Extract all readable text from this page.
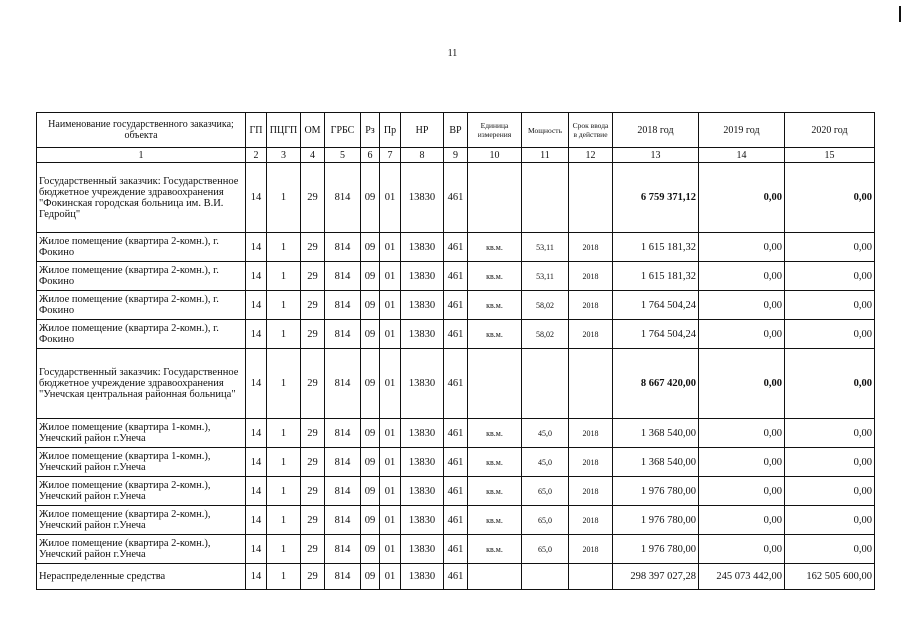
11
Наименование государственного заказчика; объекта	ГП	ПЦГП	ОМ	ГРБС	Рз	Пр	НР	ВР	Единица измерения	Мощность	Срок ввода в действие	2018 год	2019 год	2020 год
1	2	3	4	5	6	7	8	9	10	11	12	13	14	15
Государственный заказчик: Государственное бюджетное учреждение здравоохранения "Фокинская городская больница им. В.И. Гедройц"	14	1	29	814	09	01	13830	461				6 759 371,12	0,00	0,00
Жилое помещение (квартира 2-комн.), г. Фокино	14	1	29	814	09	01	13830	461	кв.м.	53,11	2018	1 615 181,32	0,00	0,00
Жилое помещение (квартира 2-комн.), г. Фокино	14	1	29	814	09	01	13830	461	кв.м.	53,11	2018	1 615 181,32	0,00	0,00
Жилое помещение (квартира 2-комн.), г. Фокино	14	1	29	814	09	01	13830	461	кв.м.	58,02	2018	1 764 504,24	0,00	0,00
Жилое помещение (квартира 2-комн.), г. Фокино	14	1	29	814	09	01	13830	461	кв.м.	58,02	2018	1 764 504,24	0,00	0,00
Государственный заказчик: Государственное бюджетное учреждение здравоохранения "Унечская центральная районная больница"	14	1	29	814	09	01	13830	461				8 667 420,00	0,00	0,00
Жилое помещение (квартира 1-комн.), Унечский район г.Унеча	14	1	29	814	09	01	13830	461	кв.м.	45,0	2018	1 368 540,00	0,00	0,00
Жилое помещение (квартира 1-комн.), Унечский район г.Унеча	14	1	29	814	09	01	13830	461	кв.м.	45,0	2018	1 368 540,00	0,00	0,00
Жилое помещение (квартира 2-комн.), Унечский район г.Унеча	14	1	29	814	09	01	13830	461	кв.м.	65,0	2018	1 976 780,00	0,00	0,00
Жилое помещение (квартира 2-комн.), Унечский район г.Унеча	14	1	29	814	09	01	13830	461	кв.м.	65,0	2018	1 976 780,00	0,00	0,00
Жилое помещение (квартира 2-комн.), Унечский район г.Унеча	14	1	29	814	09	01	13830	461	кв.м.	65,0	2018	1 976 780,00	0,00	0,00
Нераспределенные средства	14	1	29	814	09	01	13830	461				298 397 027,28	245 073 442,00	162 505 600,00
